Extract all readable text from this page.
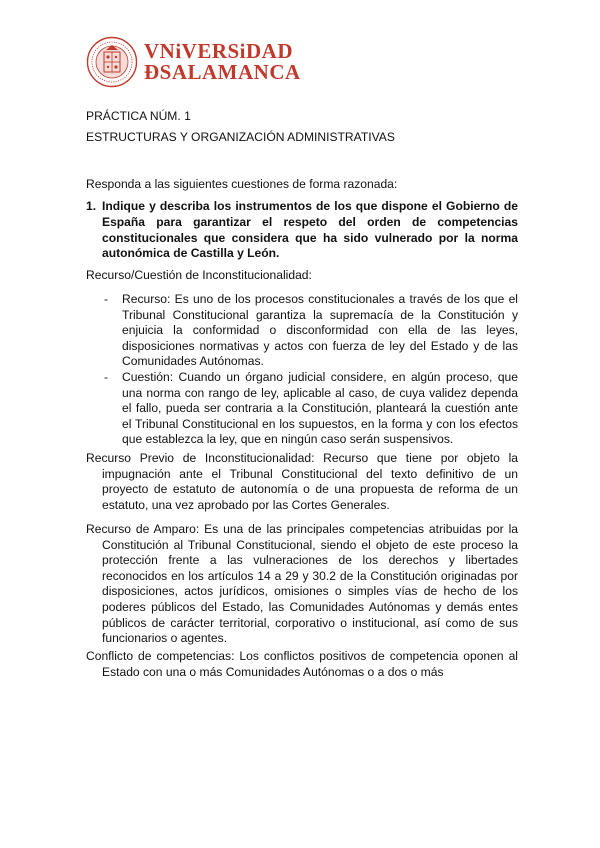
VNiVERSiDAD
ÐSALAMANCA
PRÁCTICA NÚM. 1
ESTRUCTURAS Y ORGANIZACIÓN ADMINISTRATIVAS
Responda a las siguientes cuestiones de forma razonada:
1. Indique y describa los instrumentos de los que dispone el Gobierno de

España para garantizar el respeto del orden de competencias

constitucionales que considera que ha sido vulnerado por la norma

autonómica de Castilla y León.

Recurso/Cuestión de Inconstitucionalidad:
- Recurso: Es uno de los procesos constitucionales a través de los que el Tribunal Constitucional garantiza la supremacía de la Constitución y enjuicia la conformidad o disconformidad con ella de las leyes, disposiciones normativas y actos con fuerza de ley del Estado y de las Comunidades Autónomas.
- Cuestión: Cuando un órgano judicial considere, en algún proceso, que una norma con rango de ley, aplicable al caso, de cuya validez dependa el fallo, pueda ser contraria a la Constitución, planteará la cuestión ante el Tribunal Constitucional en los supuestos, en la forma y con los efectos que establezca la ley, que en ningún caso serán suspensivos.
Recurso Previo de Inconstitucionalidad: Recurso que tiene por objeto la impugnación ante el Tribunal Constitucional del texto definitivo de un proyecto de estatuto de autonomía o de una propuesta de reforma de un estatuto, una vez aprobado por las Cortes Generales.
Recurso de Amparo: Es una de las principales competencias atribuidas por la Constitución al Tribunal Constitucional, siendo el objeto de este proceso la protección frente a las vulneraciones de los derechos y libertades reconocidos en los artículos 14 a 29 y 30.2 de la Constitución originadas por disposiciones, actos jurídicos, omisiones o simples vías de hecho de los poderes públicos del Estado, las Comunidades Autónomas y demás entes públicos de carácter territorial, corporativo o institucional, así como de sus funcionarios o agentes.
Conflicto de competencias: Los conflictos positivos de competencia oponen al Estado con una o más Comunidades Autónomas o a dos o más
